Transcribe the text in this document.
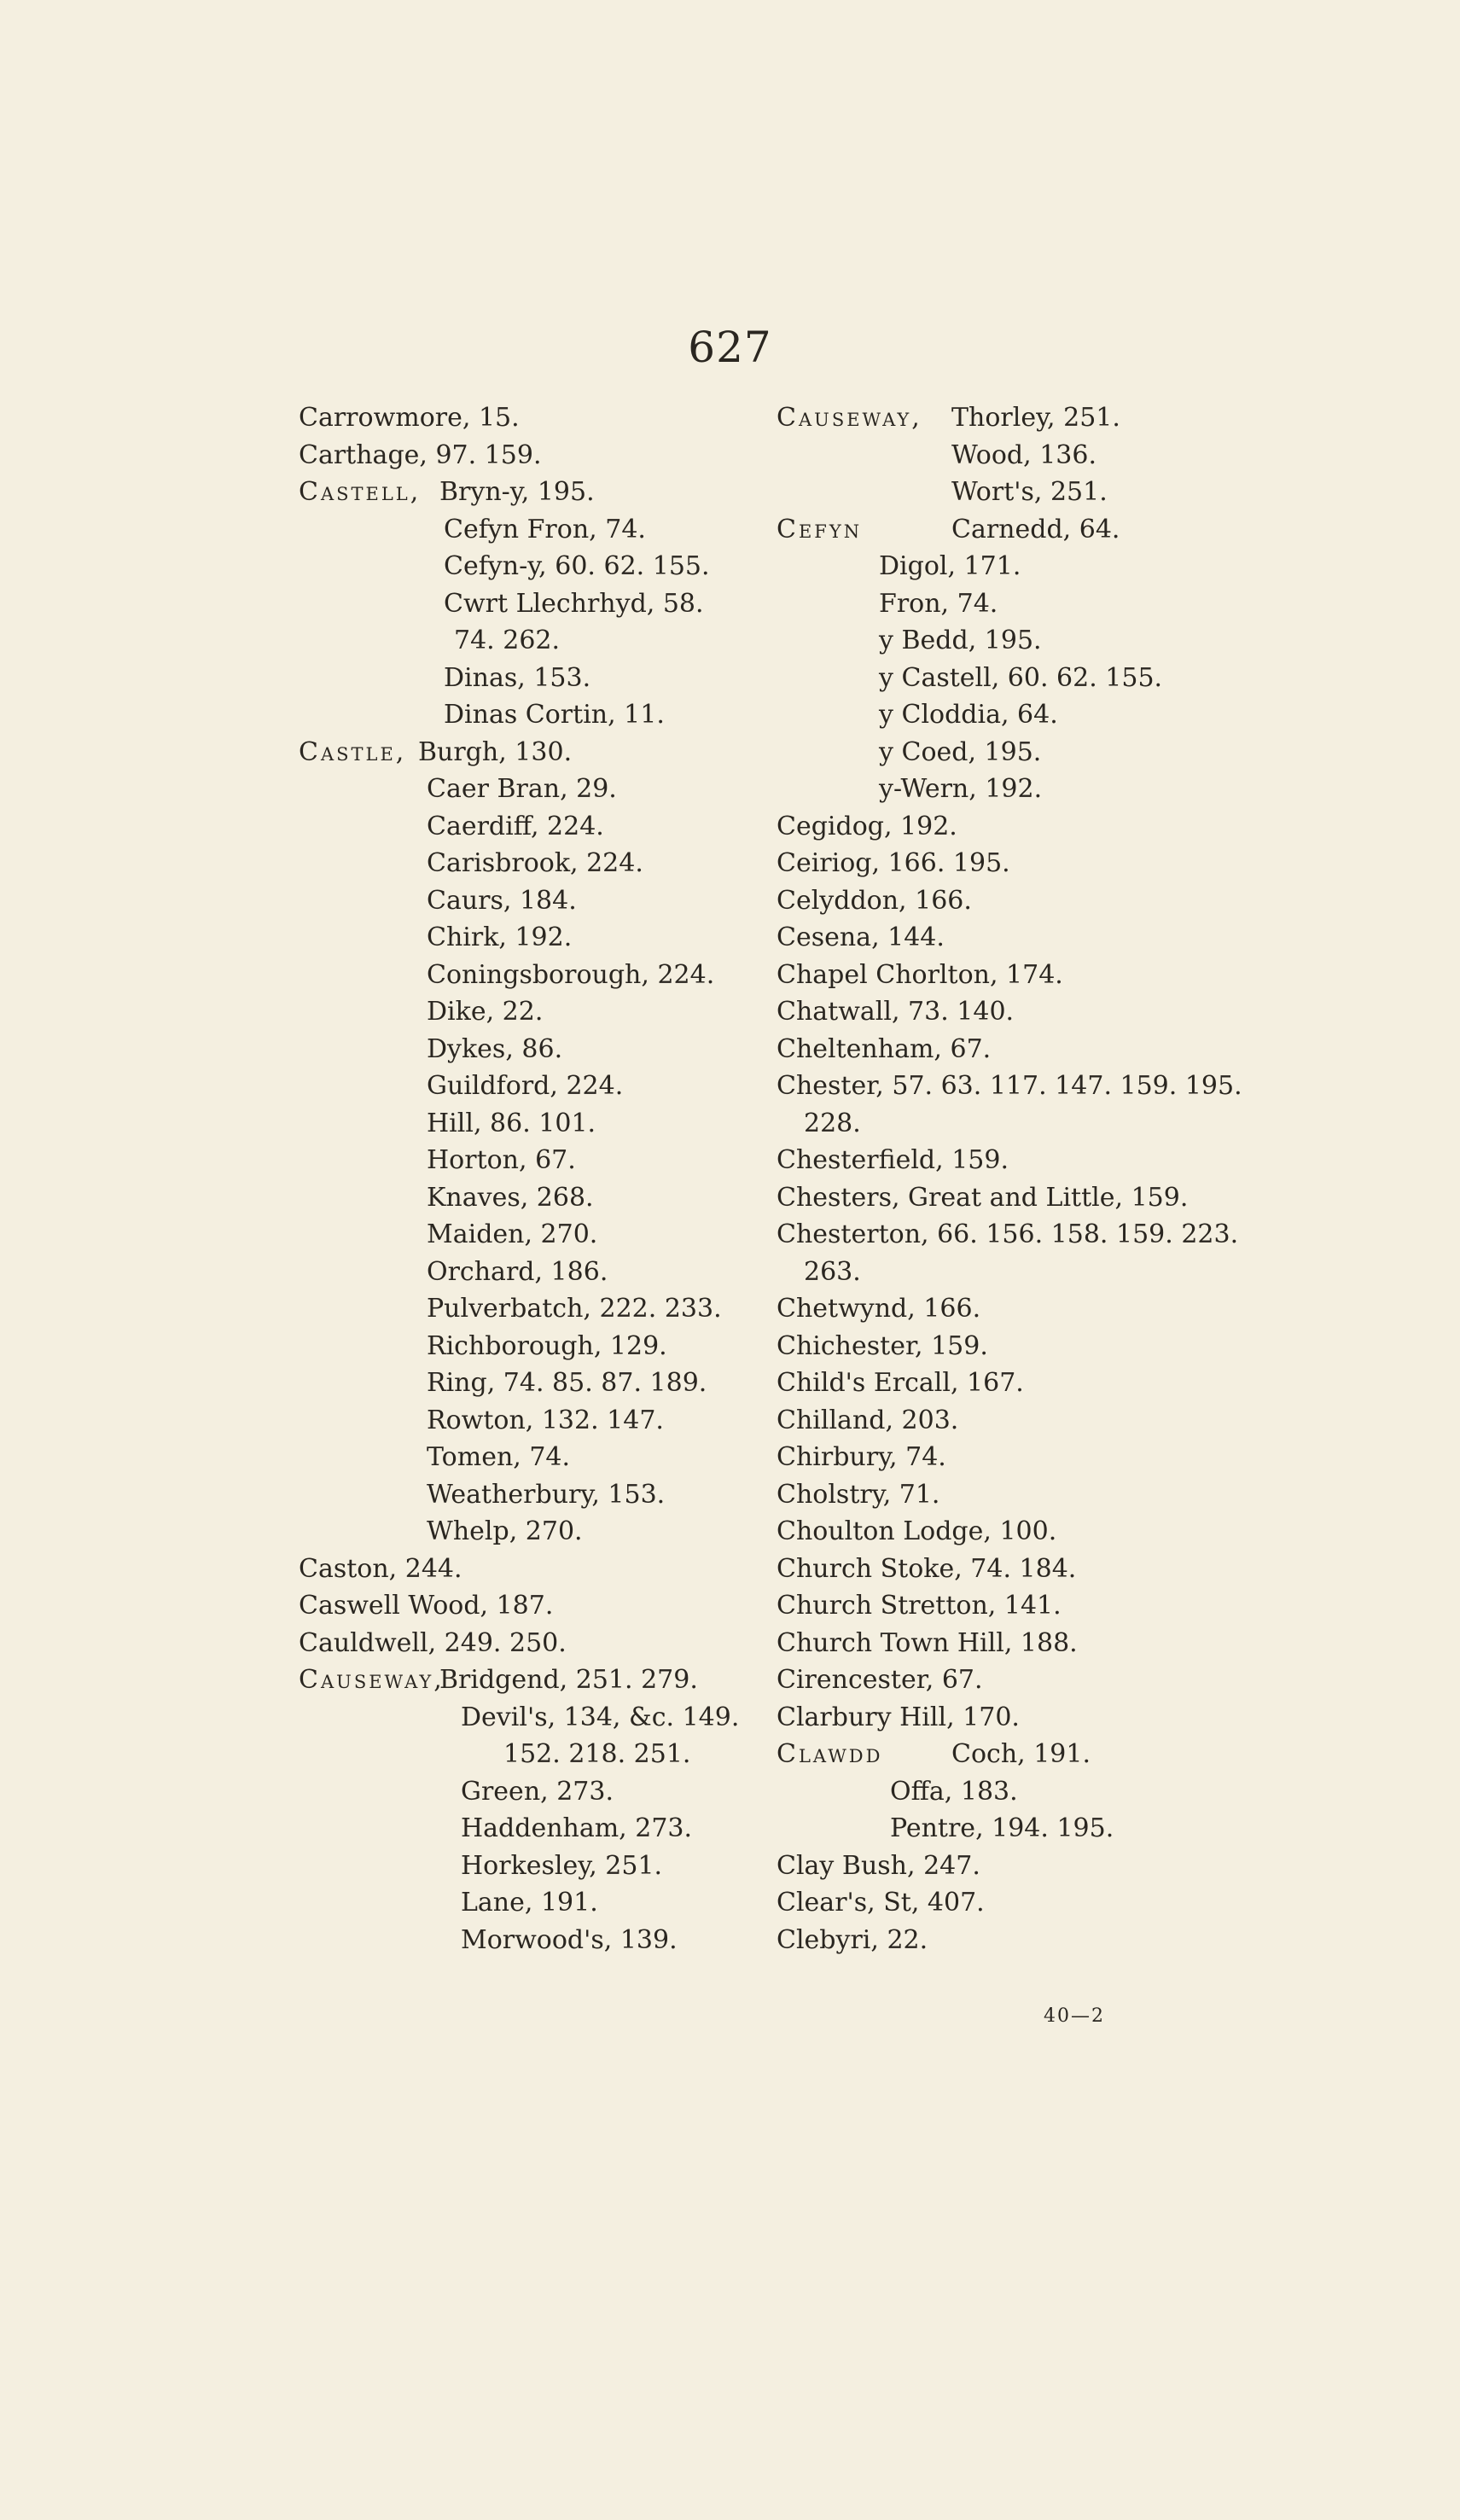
627
Carrowmore, 15.
Carthage, 97. 159.
Castell, Bryn-y, 195.
Cefyn Fron, 74.
Cefyn-y, 60. 62. 155.
Cwrt Llechrhyd, 58.
74. 262.
Dinas, 153.
Dinas Cortin, 11.
Castle, Burgh, 130.
Caer Bran, 29.
Caerdiff, 224.
Carisbrook, 224.
Caurs, 184.
Chirk, 192.
Coningsborough, 224.
Dike, 22.
Dykes, 86.
Guildford, 224.
Hill, 86. 101.
Horton, 67.
Knaves, 268.
Maiden, 270.
Orchard, 186.
Pulverbatch, 222. 233.
Richborough, 129.
Ring, 74. 85. 87. 189.
Rowton, 132. 147.
Tomen, 74.
Weatherbury, 153.
Whelp, 270.
Caston, 244.
Caswell Wood, 187.
Cauldwell, 249. 250.
Causeway,Bridgend, 251. 279.
Devil's, 134, &c. 149.
152. 218. 251.
Green, 273.
Haddenham, 273.
Horkesley, 251.
Lane, 191.
Morwood's, 139.
Causeway, Thorley, 251.
Wood, 136.
Wort's, 251.
Cefyn	Carnedd, 64.
Digol, 171.
Fron, 74.
y Bedd, 195.
y Castell, 60. 62. 155.
y Cloddia, 64.
y Coed, 195.
y-Wern, 192.
Cegidog, 192.
Ceiriog, 166. 195.
Celyddon, 166.
Cesena, 144.
Chapel Chorlton, 174.
Chatwall, 73. 140.
Cheltenham, 67.
Chester, 57. 63. 117. 147. 159. 195.
228.
Chesterfield, 159.
Chesters, Great and Little, 159.
Chesterton, 66. 156. 158. 159. 223.
263.
Chetwynd, 166.
Chichester, 159.
Child's Ercall, 167.
Chilland, 203.
Chirbury, 74.
Cholstry, 71.
Choulton Lodge, 100.
Church Stoke, 74. 184.
Church Stretton, 141.
Church Town Hill, 188.
Cirencester, 67.
Clarbury Hill, 170.
Clawdd	Coch, 191.
Offa, 183.
Pentre, 194. 195.
Clay Bush, 247.
Clear's, St, 407.
Clebyri, 22.
40—2
